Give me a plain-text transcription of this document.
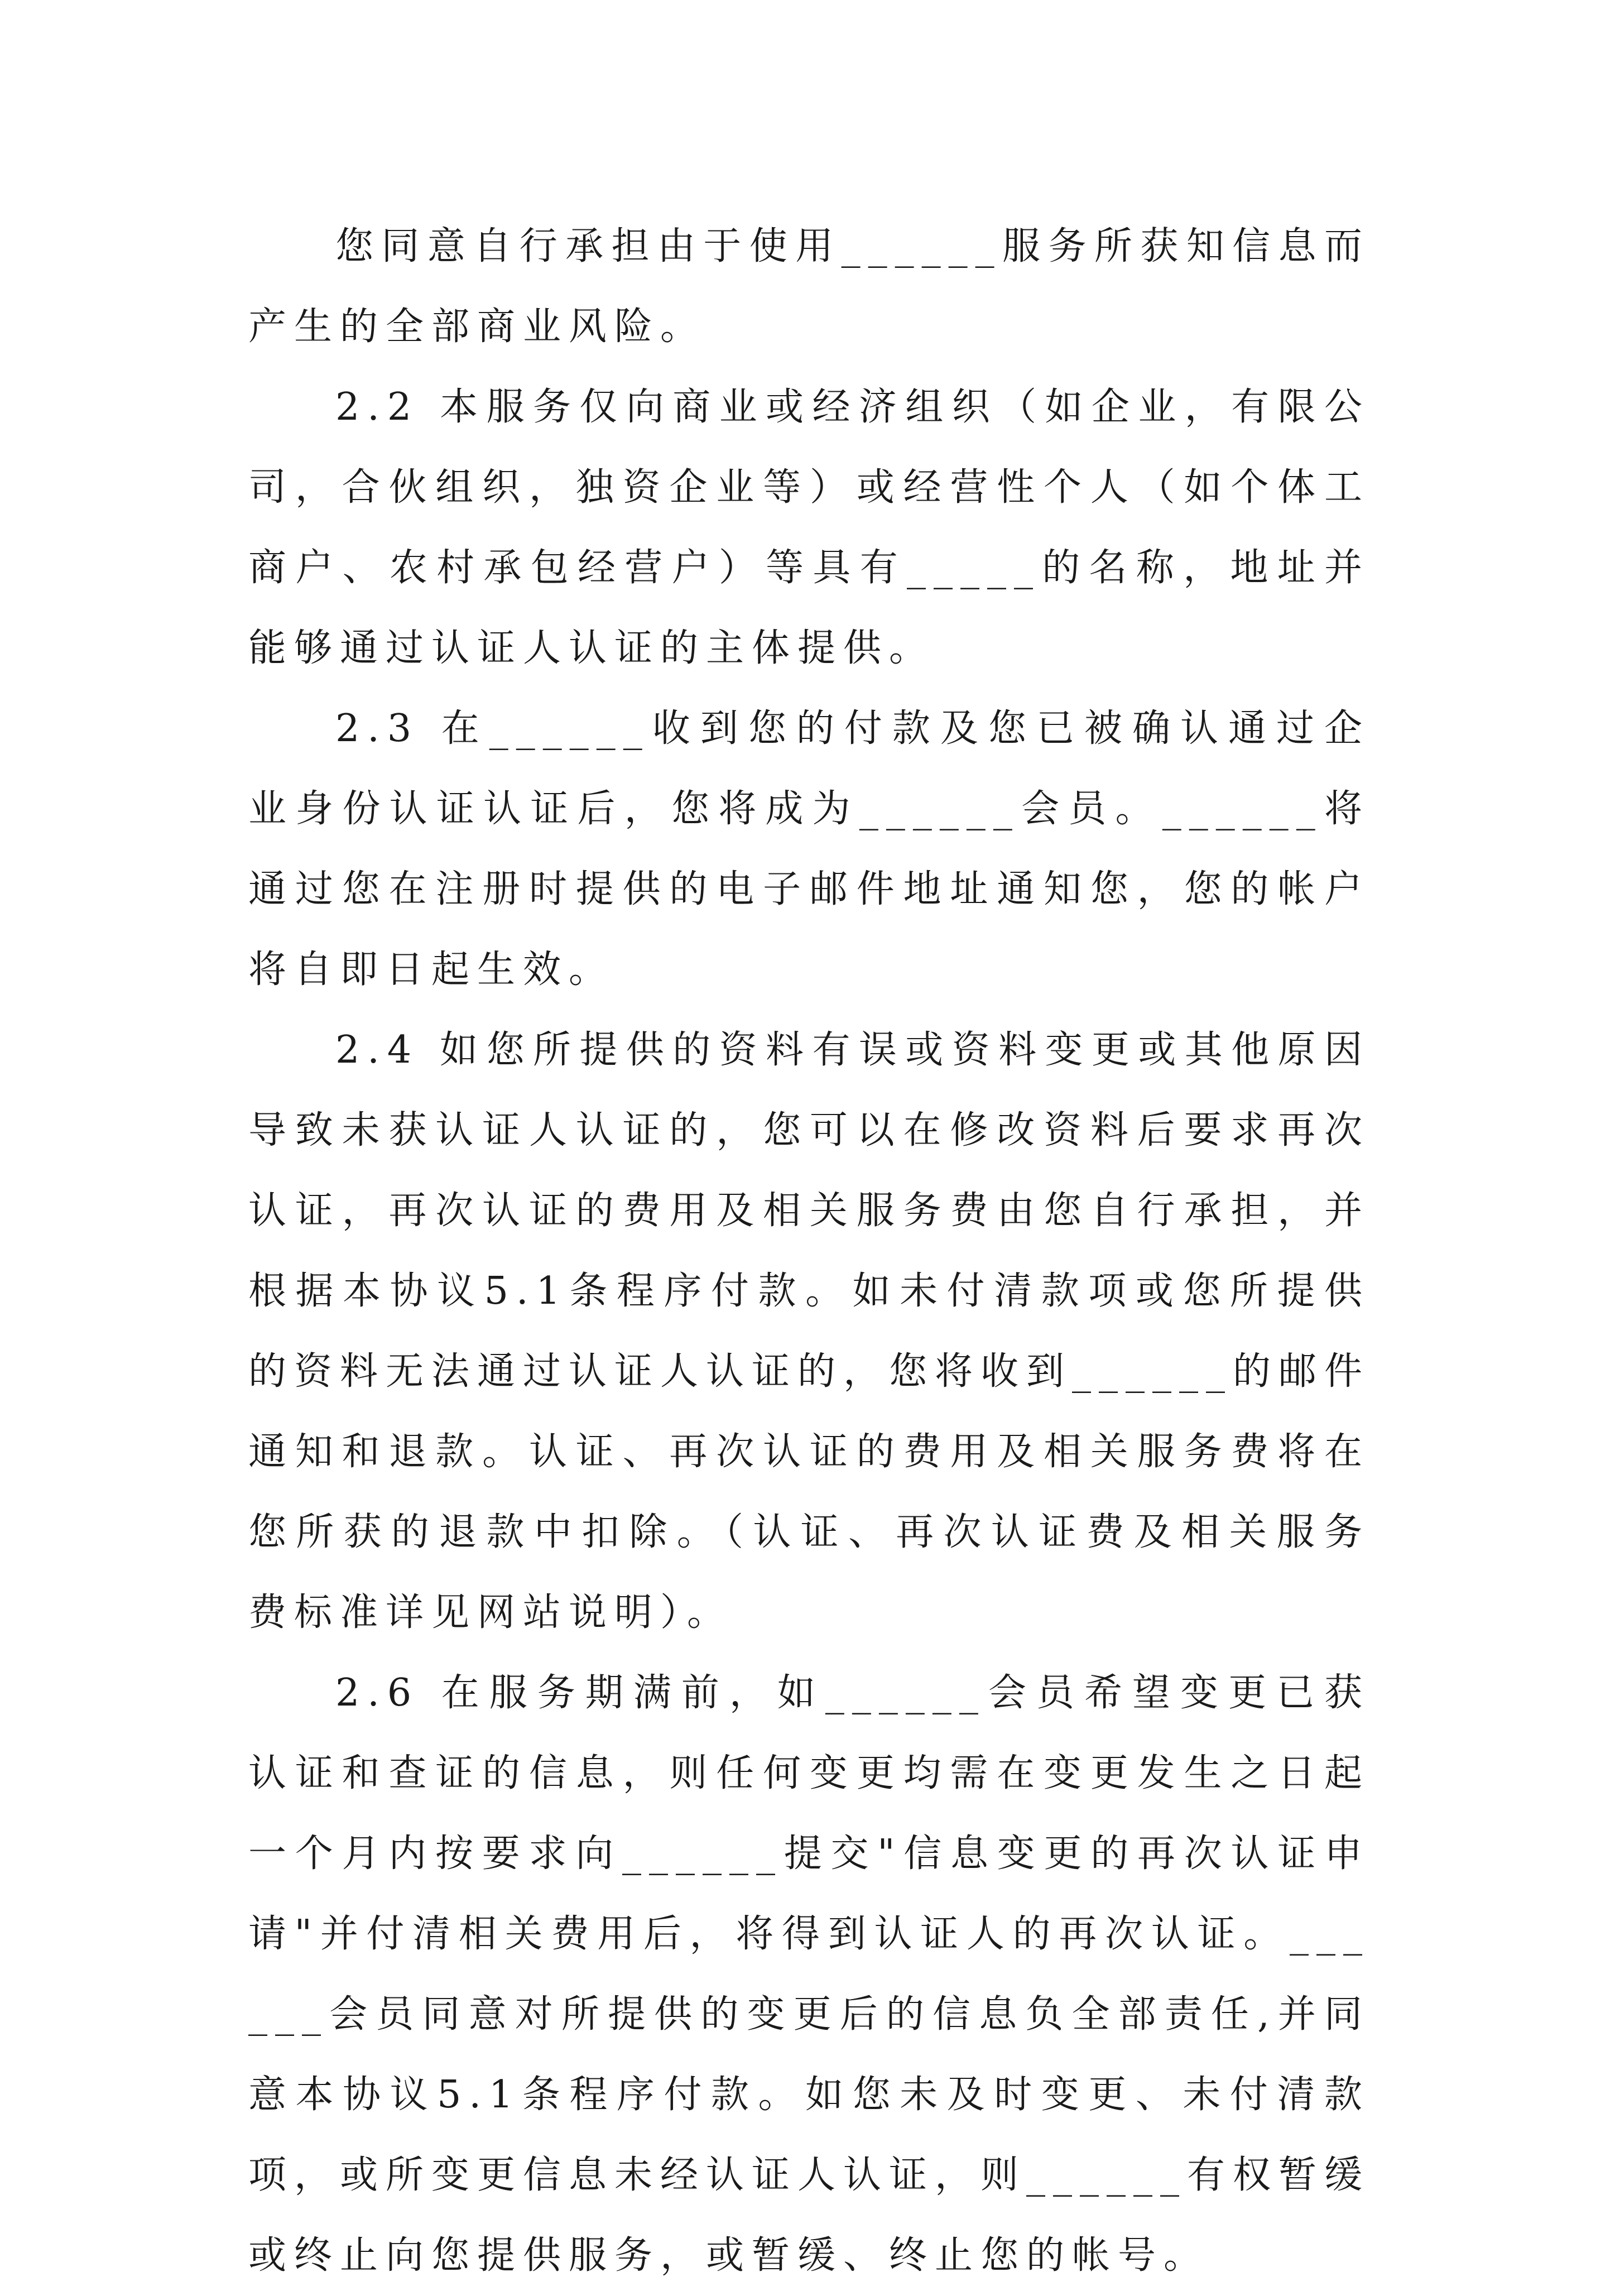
您同意自行承担由于使用______服务所获知信息而产生的全部商业风险。

2.2 本服务仅向商业或经济组织（如企业，有限公司，合伙组织，独资企业等）或经营性个人（如个体工商户、农村承包经营户）等具有_____的名称，地址并能够通过认证人认证的主体提供。

2.3 在______收到您的付款及您已被确认通过企业身份认证认证后，您将成为______会员。______将通过您在注册时提供的电子邮件地址通知您，您的帐户将自即日起生效。

2.4 如您所提供的资料有误或资料变更或其他原因导致未获认证人认证的，您可以在修改资料后要求再次认证，再次认证的费用及相关服务费由您自行承担，并根据本协议5.1条程序付款。如未付清款项或您所提供的资料无法通过认证人认证的，您将收到______的邮件通知和退款。认证、再次认证的费用及相关服务费将在您所获的退款中扣除。（认证、再次认证费及相关服务费标准详见网站说明）。

2.6 在服务期满前，如______会员希望变更已获认证和查证的信息，则任何变更均需在变更发生之日起一个月内按要求向______提交"信息变更的再次认证申请"并付清相关费用后，将得到认证人的再次认证。______会员同意对所提供的变更后的信息负全部责任,并同意本协议5.1条程序付款。如您未及时变更、未付清款项，或所变更信息未经认证人认证，则______有权暂缓或终止向您提供服务，或暂缓、终止您的帐号。
